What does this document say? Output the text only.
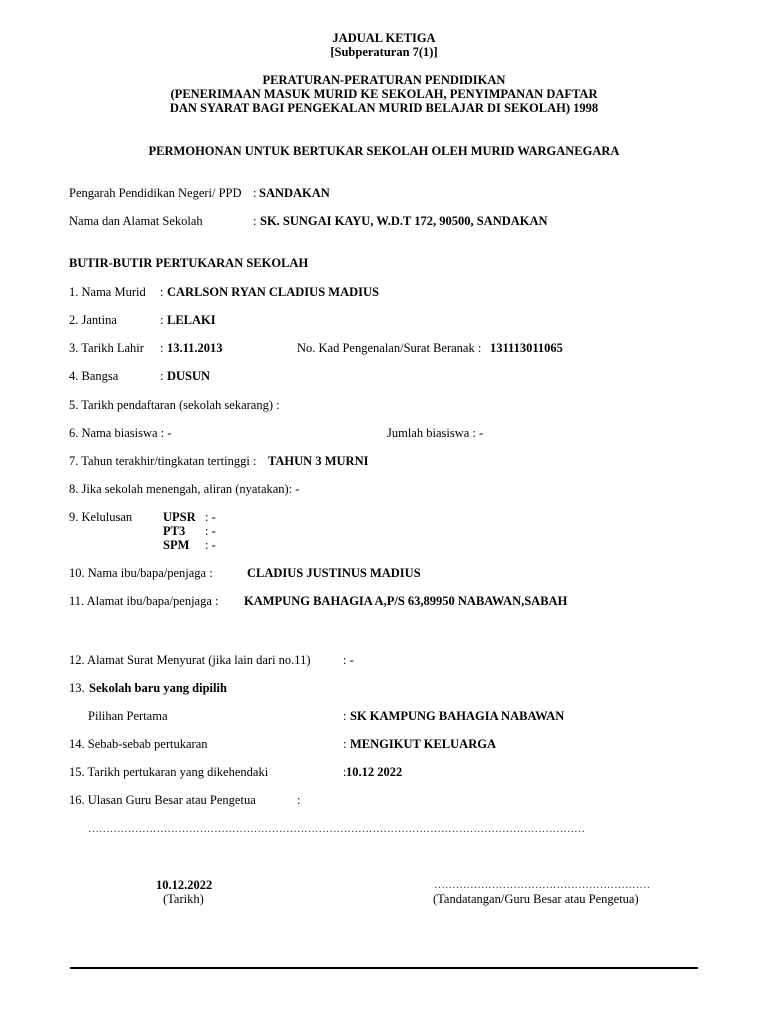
JADUAL KETIGA
[Subperaturan 7(1)]
PERATURAN-PERATURAN PENDIDIKAN
(PENERIMAAN MASUK MURID KE SEKOLAH, PENYIMPANAN DAFTAR
DAN SYARAT BAGI PENGEKALAN MURID BELAJAR DI SEKOLAH) 1998
PERMOHONAN UNTUK BERTUKAR SEKOLAH OLEH MURID WARGANEGARA
Pengarah Pendidikan Negeri/ PPD : SANDAKAN
Nama dan Alamat Sekolah	: SK. SUNGAI KAYU, W.D.T 172, 90500, SANDAKAN
BUTIR-BUTIR PERTUKARAN SEKOLAH
1. Nama Murid : CARLSON RYAN CLADIUS MADIUS
2. Jantina	: LELAKI
3. Tarikh Lahir : 13.11.2013	No. Kad Pengenalan/Surat Beranak : 131113011065
4. Bangsa	: DUSUN
5. Tarikh pendaftaran (sekolah sekarang) :
6. Nama biasiswa : -	Jumlah biasiswa : -
7. Tahun terakhir/tingkatan tertinggi : TAHUN 3 MURNI
8. Jika sekolah menengah, aliran (nyatakan): -
9. Kelulusan UPSR : -
PT3 : -
SPM : -
10. Nama ibu/bapa/penjaga :	CLADIUS JUSTINUS MADIUS
11. Alamat ibu/bapa/penjaga : KAMPUNG BAHAGIA A,P/S 63,89950 NABAWAN,SABAH
12. Alamat Surat Menyurat (jika lain dari no.11)	: -
13. Sekolah baru yang dipilih
Pilihan Pertama	: SK KAMPUNG BAHAGIA NABAWAN
14. Sebab-sebab pertukaran	: MENGIKUT KELUARGA
15. Tarikh pertukaran yang dikehendaki	: 10.12 2022
16. Ulasan Guru Besar atau Pengetua	:
…………………………………………………………………………………………………………………………
10.12.2022
(Tarikh)
……………………………………………………
(Tandatangan/Guru Besar atau Pengetua)
